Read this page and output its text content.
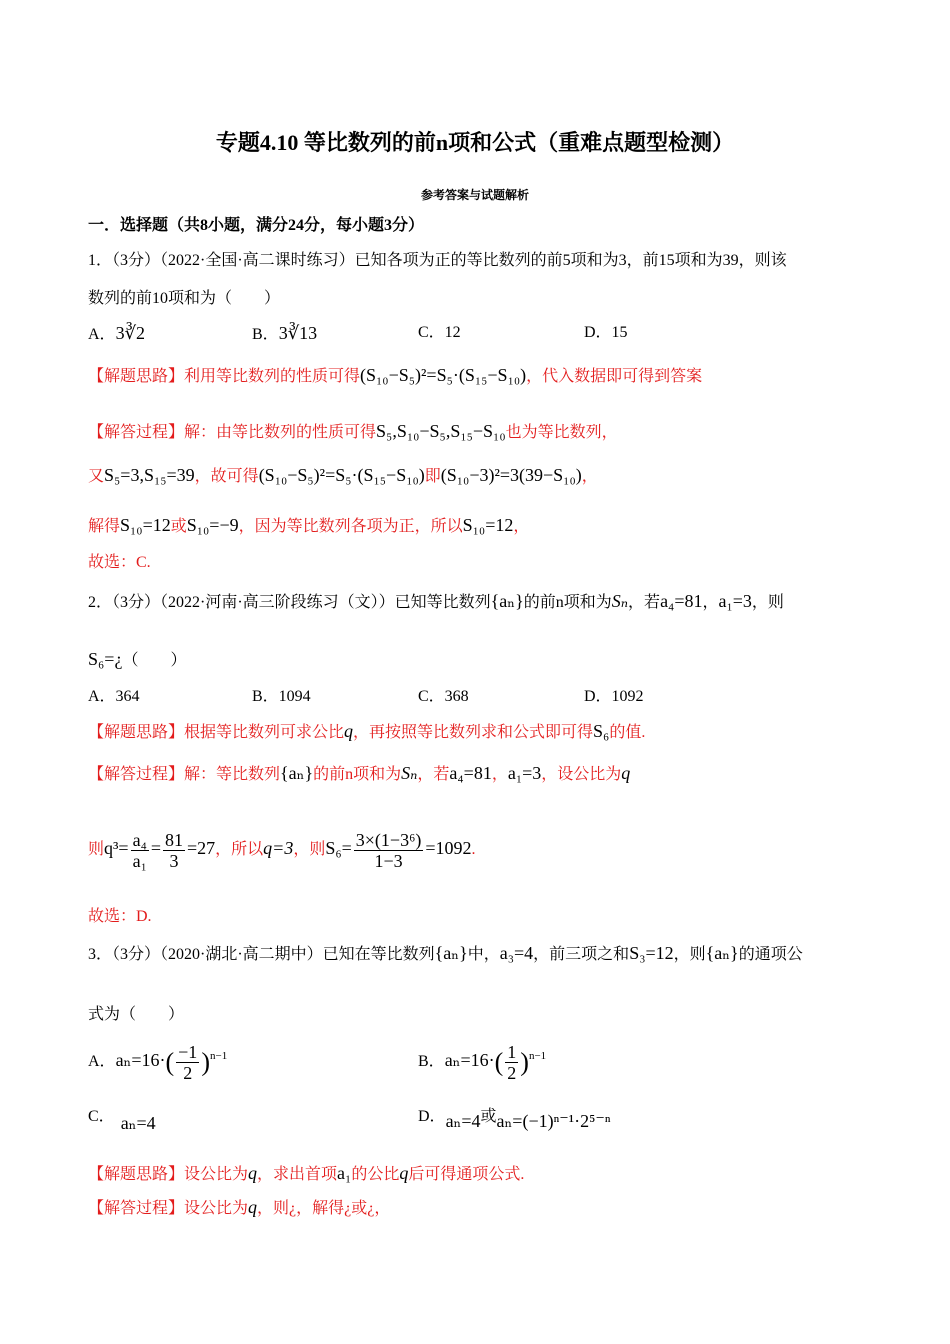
专题4.10 等比数列的前n项和公式（重难点题型检测）
参考答案与试题解析
一．选择题（共8小题，满分24分，每小题3分）
1．（3分）（2022·全国·高二课时练习）已知各项为正的等比数列的前5项和为3，前15项和为39，则该
数列的前10项和为（　　）
A．3∛2	B．3∛13	C．12	D．15
【解题思路】利用等比数列的性质可得(S₁₀−S₅)²=S₅·(S₁₅−S₁₀)，代入数据即可得到答案
【解答过程】解：由等比数列的性质可得S₅,S₁₀−S₅,S₁₅−S₁₀也为等比数列，
又S₅=3,S₁₅=39，故可得(S₁₀−S₅)²=S₅·(S₁₅−S₁₀)即(S₁₀−3)²=3(39−S₁₀)，
解得S₁₀=12或S₁₀=−9，因为等比数列各项为正，所以S₁₀=12，
故选：C.
2．（3分）（2022·河南·高三阶段练习（文））已知等比数列{aₙ}的前n项和为Sₙ，若a₄=81，a₁=3，则
S₆=¿（　　）
A．364	B．1094	C．368	D．1092
【解题思路】根据等比数列可求公比q，再按照等比数列求和公式即可得S₆的值.
【解答过程】解：等比数列{aₙ}的前n项和为Sₙ，若a₄=81，a₁=3，设公比为q
则$q^3= \frac{\text{a₄}}{\text{a₁}} = \frac{81}{3} =27$，所以q=3，则$S_6= \frac{\text{3×(1−3⁶)}}{1-3} =1092$.
故选：D.
3．（3分）（2020·湖北·高二期中）已知在等比数列{aₙ}中，a₃=4，前三项之和S₃=12，则{aₙ}的通项公
式为（　　）
A．$a_n=16\cdot( \frac{-1}{2} )^{n-1}$	B．$a_n=16\cdot( \frac{1}{2} )^{n-1}$
C． aₙ=4	D．aₙ=4或aₙ=(−1)ⁿ⁻¹·2⁵⁻ⁿ
【解题思路】设公比为q，求出首项a₁的公比q后可得通项公式.
【解答过程】设公比为q，则¿，解得¿或¿，
